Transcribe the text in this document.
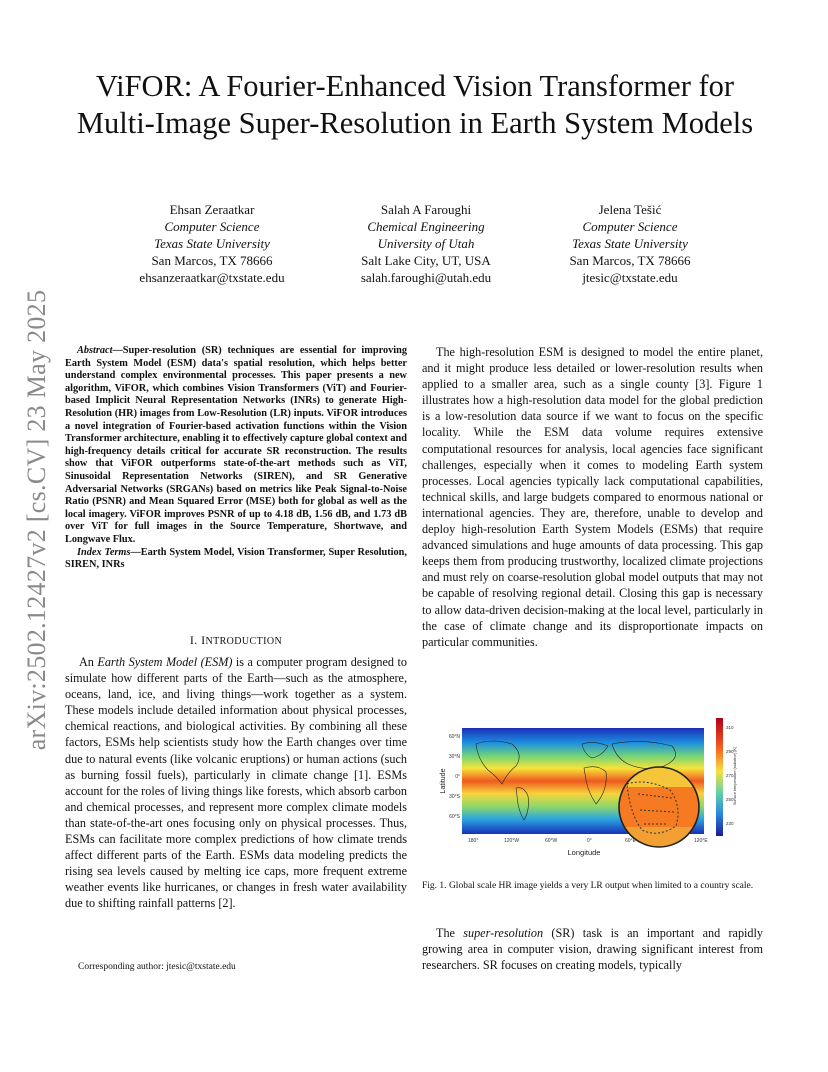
arXiv:2502.12427v2 [cs.CV] 23 May 2025
ViFOR: A Fourier-Enhanced Vision Transformer for Multi-Image Super-Resolution in Earth System Models
Ehsan Zeraatkar
Computer Science
Texas State University
San Marcos, TX 78666
ehsanzeraatkar@txstate.edu
Salah A Faroughi
Chemical Engineering
University of Utah
Salt Lake City, UT, USA
salah.faroughi@utah.edu
Jelena Tešić
Computer Science
Texas State University
San Marcos, TX 78666
jtesic@txstate.edu

Abstract—Super-resolution (SR) techniques are essential for improving Earth System Model (ESM) data's spatial resolution, which helps better understand complex environmental processes. This paper presents a new algorithm, ViFOR, which combines Vision Transformers (ViT) and Fourier-based Implicit Neural Representation Networks (INRs) to generate High-Resolution (HR) images from Low-Resolution (LR) inputs. ViFOR introduces a novel integration of Fourier-based activation functions within the Vision Transformer architecture, enabling it to effectively capture global context and high-frequency details critical for accurate SR reconstruction. The results show that ViFOR outperforms state-of-the-art methods such as ViT, Sinusoidal Representation Networks (SIREN), and SR Generative Adversarial Networks (SRGANs) based on metrics like Peak Signal-to-Noise Ratio (PSNR) and Mean Squared Error (MSE) both for global as well as the local imagery. ViFOR improves PSNR of up to 4.18 dB, 1.56 dB, and 1.73 dB over ViT for full images in the Source Temperature, Shortwave, and Longwave Flux.

Index Terms—Earth System Model, Vision Transformer, Super Resolution, SIREN, INRs

I. INTRODUCTION

An Earth System Model (ESM) is a computer program designed to simulate how different parts of the Earth—such as the atmosphere, oceans, land, ice, and living things—work together as a system. These models include detailed information about physical processes, chemical reactions, and biological activities. By combining all these factors, ESMs help scientists study how the Earth changes over time due to natural events (like volcanic eruptions) or human actions (such as burning fossil fuels), particularly in climate change [1]. ESMs account for the roles of living things like forests, which absorb carbon and chemical processes, and represent more complex climate models than state-of-the-art ones focusing only on physical processes. Thus, ESMs can facilitate more complex predictions of how climate trends affect different parts of the Earth. ESMs data modeling predicts the rising sea levels caused by melting ice caps, more frequent extreme weather events like hurricanes, or changes in fresh water availability due to shifting rainfall patterns [2].

The high-resolution ESM is designed to model the entire planet, and it might produce less detailed or lower-resolution results when applied to a smaller area, such as a single county [3]. Figure 1 illustrates how a high-resolution data model for the global prediction is a low-resolution data source if we want to focus on the specific locality. While the ESM data volume requires extensive computational resources for analysis, local agencies face significant challenges, especially when it comes to modeling Earth system processes. Local agencies typically lack computational capabilities, technical skills, and large budgets compared to enormous national or international agencies. They are, therefore, unable to develop and deploy high-resolution Earth System Models (ESMs) that require advanced simulations and huge amounts of data processing. This gap keeps them from producing trustworthy, localized climate projections and must rely on coarse-resolution global model outputs that may not be capable of resolving regional detail. Closing this gap is necessary to allow data-driven decision-making at the local level, particularly in the case of climate change and its disproportionate impacts on particular communities.

60°N
30°N
0°
30°S
60°S
180°	120°W	60°W	0°	60°E	120°E
Longitude
Latitude
310
290
270
250
230
Surface temperature (radiative) [K]
Fig. 1. Global scale HR image yields a very LR output when limited to a country scale.

The super-resolution (SR) task is an important and rapidly growing area in computer vision, drawing significant interest from researchers. SR focuses on creating models, typically

Corresponding author: jtesic@txstate.edu
